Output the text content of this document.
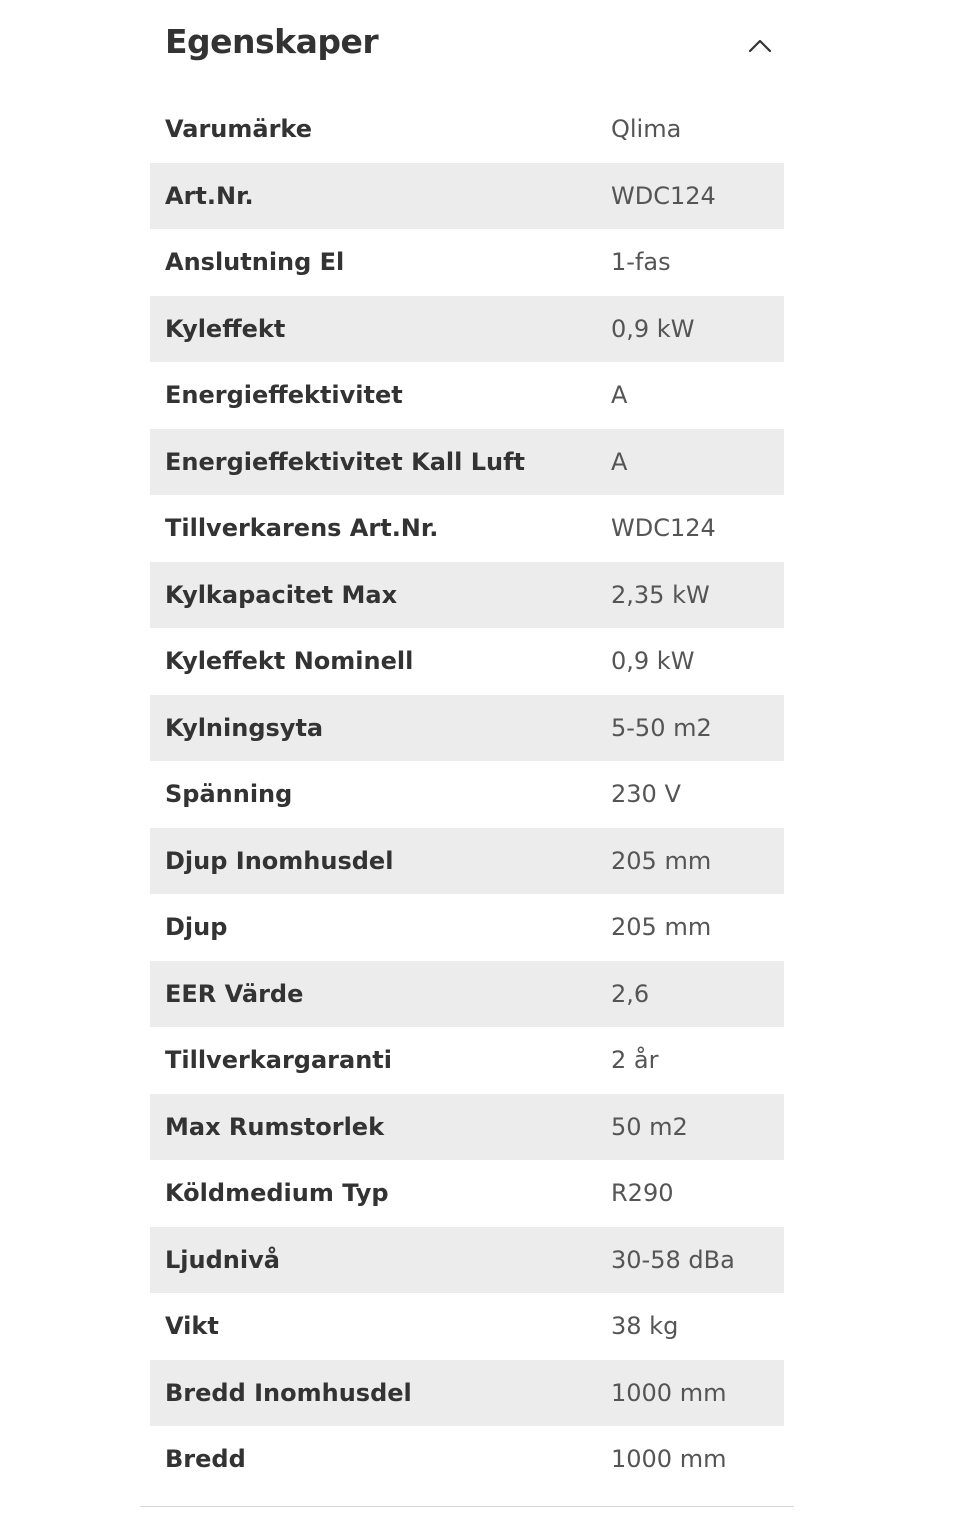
Egenskaper
Varumärke	Qlima
Art.Nr.	WDC124
Anslutning El	1-fas
Kyleffekt	0,9 kW
Energieffektivitet	A
Energieffektivitet Kall Luft	A
Tillverkarens Art.Nr.	WDC124
Kylkapacitet Max	2,35 kW
Kyleffekt Nominell	0,9 kW
Kylningsyta	5-50 m2
Spänning	230 V
Djup Inomhusdel	205 mm
Djup	205 mm
EER Värde	2,6
Tillverkargaranti	2 år
Max Rumstorlek	50 m2
Köldmedium Typ	R290
Ljudnivå	30-58 dBa
Vikt	38 kg
Bredd Inomhusdel	1000 mm
Bredd	1000 mm
